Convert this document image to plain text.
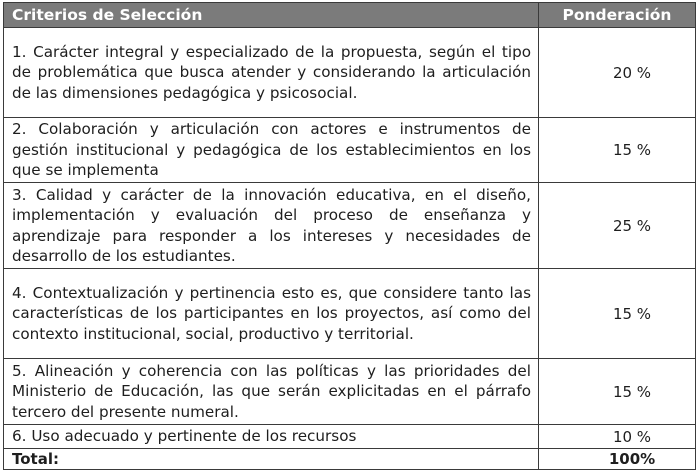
Criterios de Selección	Ponderación
1. Carácter integral y especializado de la propuesta, según el tipo de problemática que busca atender y considerando la articulación de las dimensiones pedagógica y psicosocial.	20 %
2. Colaboración y articulación con actores e instrumentos de gestión institucional y pedagógica de los establecimientos en los que se implementa	15 %
3. Calidad y carácter de la innovación educativa, en el diseño, implementación y evaluación del proceso de enseñanza y aprendizaje para responder a los intereses y necesidades de desarrollo de los estudiantes.	25 %
4. Contextualización y pertinencia esto es, que considere tanto las características de los participantes en los proyectos, así como del contexto institucional, social, productivo y territorial.	15 %
5. Alineación y coherencia con las políticas y las prioridades del Ministerio de Educación, las que serán explicitadas en el párrafo tercero del presente numeral.	15 %
6. Uso adecuado y pertinente de los recursos	10 %
Total:	100%
